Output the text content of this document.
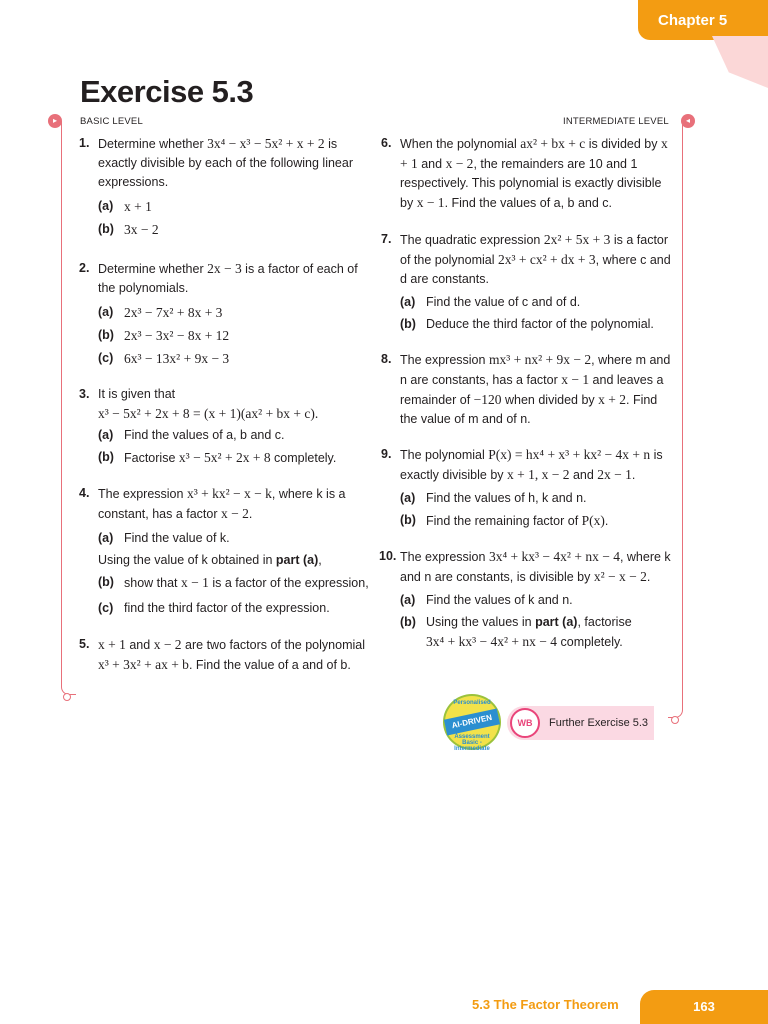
Chapter 5
Exercise 5.3
▸	◂
BASIC LEVEL	INTERMEDIATE LEVEL
1. Determine whether 3x⁴ − x³ − 5x² + x + 2 is exactly divisible by each of the following linear expressions.
(a) x + 1
(b) 3x − 2
2. Determine whether 2x − 3 is a factor of each of the polynomials.
(a) 2x³ − 7x² + 8x + 3
(b) 2x³ − 3x² − 8x + 12
(c) 6x³ − 13x² + 9x − 3
3. It is given that
x³ − 5x² + 2x + 8 = (x + 1)(ax² + bx + c).
(a) Find the values of a, b and c.
(b) Factorise x³ − 5x² + 2x + 8 completely.
4. The expression x³ + kx² − x − k, where k is a constant, has a factor x − 2.
(a) Find the value of k.
Using the value of k obtained in part (a),
(b) show that x − 1 is a factor of the expression,
(c) find the third factor of the expression.
5. x + 1 and x − 2 are two factors of the polynomial x³ + 3x² + ax + b. Find the value of a and of b.
6. When the polynomial ax² + bx + c is divided by x + 1 and x − 2, the remainders are 10 and 1 respectively. This polynomial is exactly divisible by x − 1. Find the values of a, b and c.
7. The quadratic expression 2x² + 5x + 3 is a factor of the polynomial 2x³ + cx² + dx + 3, where c and d are constants.
(a) Find the value of c and of d.
(b) Deduce the third factor of the polynomial.
8. The expression mx³ + nx² + 9x − 2, where m and n are constants, has a factor x − 1 and leaves a remainder of −120 when divided by x + 2. Find the value of m and of n.
9. The polynomial P(x) = hx⁴ + x³ + kx² − 4x + n is exactly divisible by x + 1, x − 2 and 2x − 1.
(a) Find the values of h, k and n.
(b) Find the remaining factor of P(x).
10. The expression 3x⁴ + kx³ − 4x² + nx − 4, where k and n are constants, is divisible by x² − x − 2.
(a) Find the values of k and n.
(b) Using the values in part (a), factorise
3x⁴ + kx³ − 4x² + nx − 4 completely.
Personalised
AI-DRIVEN
Assessment
Basic - Intermediate
WB	Further Exercise 5.3
5.3 The Factor Theorem	163
